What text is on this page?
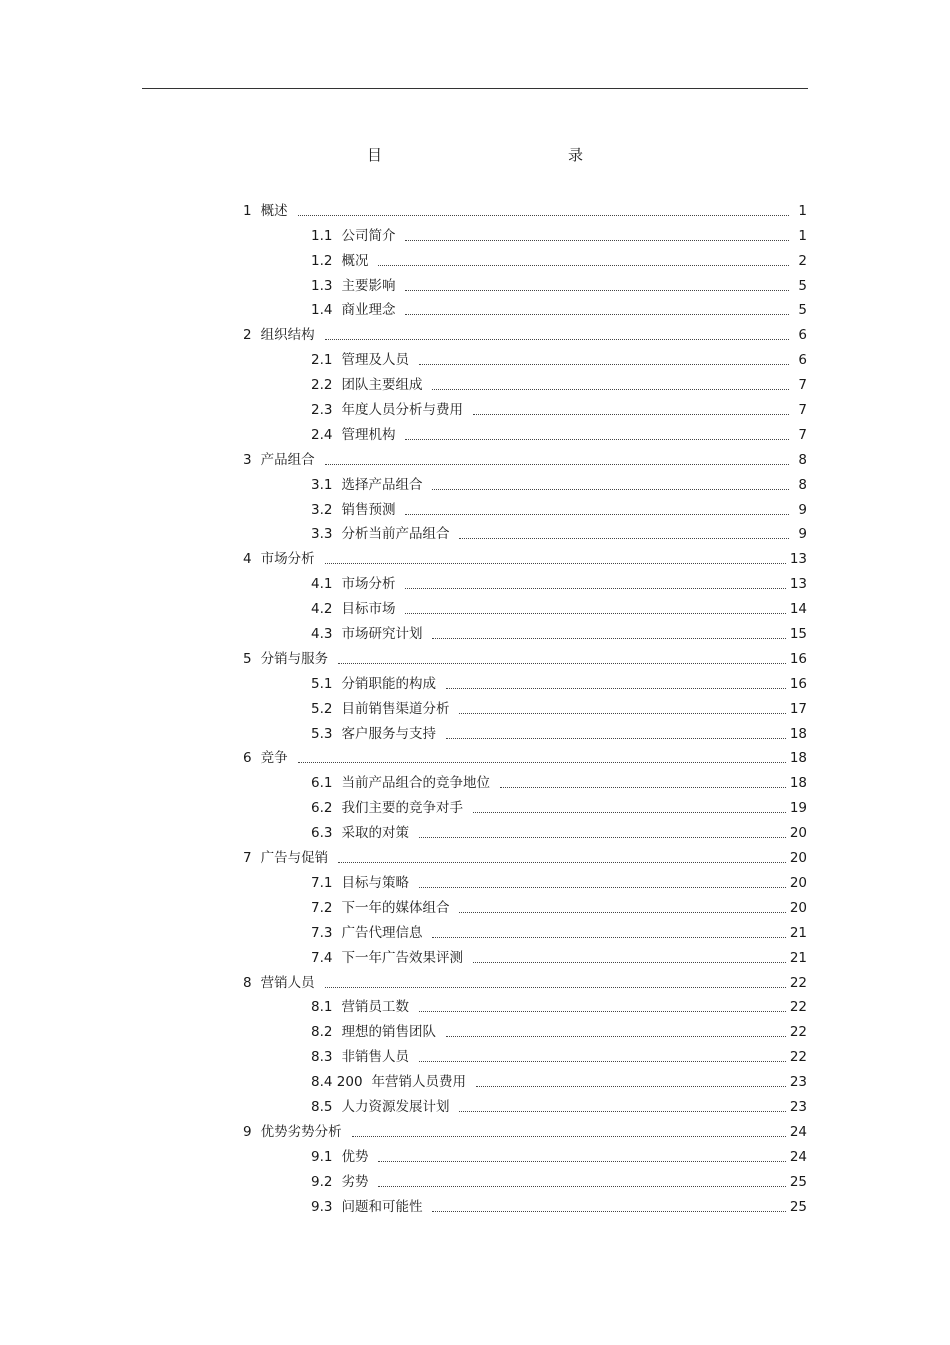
目　　录
1 概述	1
1.1 公司简介	1
1.2 概况	2
1.3 主要影响	5
1.4 商业理念	5
2 组织结构	6
2.1 管理及人员	6
2.2 团队主要组成	7
2.3 年度人员分析与费用	7
2.4 管理机构	7
3 产品组合	8
3.1 选择产品组合	8
3.2 销售预测	9
3.3 分析当前产品组合	9
4 市场分析	13
4.1 市场分析	13
4.2 目标市场	14
4.3 市场研究计划	15
5 分销与服务	16
5.1 分销职能的构成	16
5.2 目前销售渠道分析	17
5.3 客户服务与支持	18
6 竞争	18
6.1 当前产品组合的竞争地位	18
6.2 我们主要的竞争对手	19
6.3 采取的对策	20
7 广告与促销	20
7.1 目标与策略	20
7.2 下一年的媒体组合	20
7.3 广告代理信息	21
7.4 下一年广告效果评测	21
8 营销人员	22
8.1 营销员工数	22
8.2 理想的销售团队	22
8.3 非销售人员	22
8.4 200 年营销人员费用	23
8.5 人力资源发展计划	23
9 优势劣势分析	24
9.1 优势	24
9.2 劣势	25
9.3 问题和可能性	25
